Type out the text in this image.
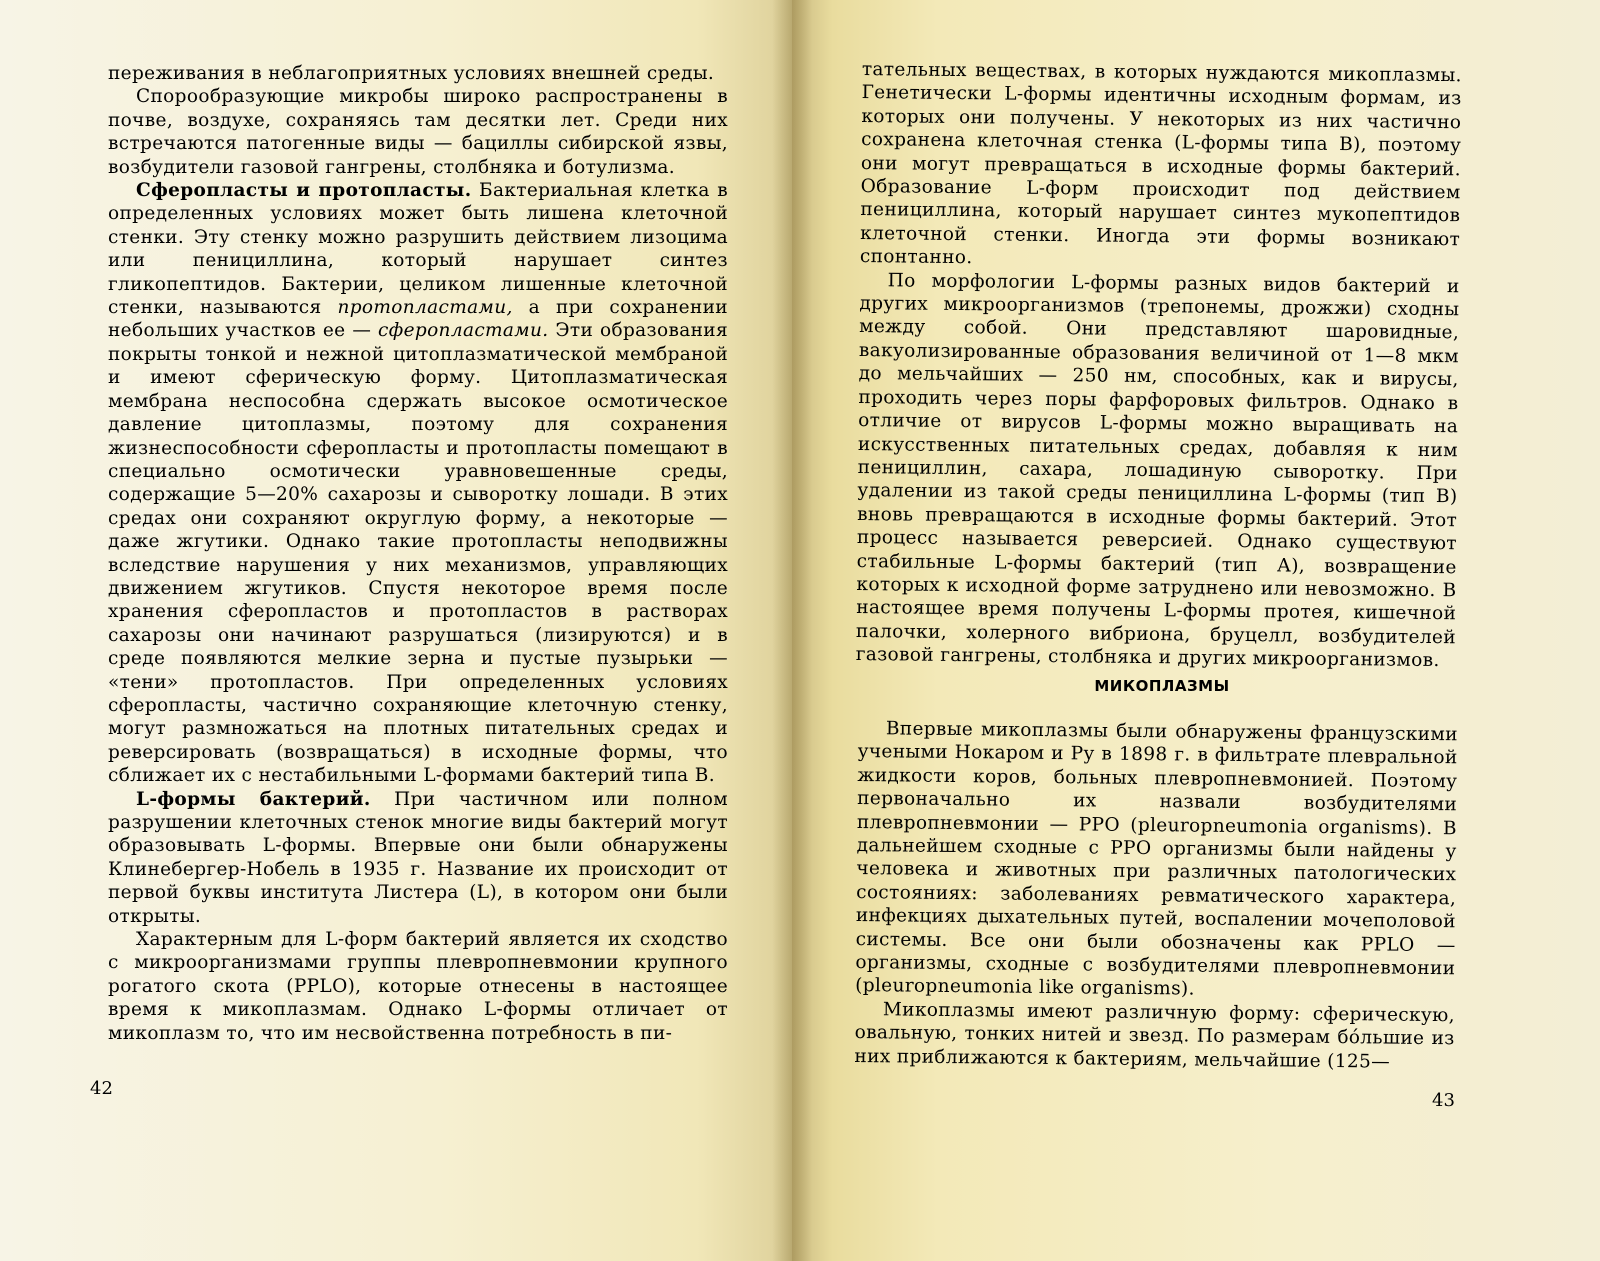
переживания в неблагоприятных условиях внешней среды.

Спорообразующие микробы широко распространены в почве, воздухе, сохраняясь там десятки лет. Среди них встречаются патогенные виды — бациллы сибирской язвы, возбудители газовой гангрены, столбняка и ботулизма.

Сферопласты и протопласты. Бактериальная клетка в определенных условиях может быть лишена клеточной стенки. Эту стенку можно разрушить действием лизоцима или пенициллина, который нарушает синтез гликопептидов. Бактерии, целиком лишенные клеточной стенки, называются протопластами, а при сохранении небольших участков ее — сферопластами. Эти образования покрыты тонкой и нежной цитоплазматической мембраной и имеют сферическую форму. Цитоплазматическая мембрана неспособна сдержать высокое осмотическое давление цитоплазмы, поэтому для сохранения жизнеспособности сферопласты и протопласты помещают в специально осмотически уравновешенные среды, содержащие 5—20% сахарозы и сыворотку лошади. В этих средах они сохраняют округлую форму, а некоторые — даже жгутики. Однако такие протопласты неподвижны вследствие нарушения у них механизмов, управляющих движением жгутиков. Спустя некоторое время после хранения сферопластов и протопластов в растворах сахарозы они начинают разрушаться (лизируются) и в среде появляются мелкие зерна и пустые пузырьки — «тени» протопластов. При определенных условиях сферопласты, частично сохраняющие клеточную стенку, могут размножаться на плотных питательных средах и реверсировать (возвращаться) в исходные формы, что сближает их с нестабильными L-формами бактерий типа В.

L-формы бактерий. При частичном или полном разрушении клеточных стенок многие виды бактерий могут образовывать L-формы. Впервые они были обнаружены Клинебергер-Нобель в 1935 г. Название их происходит от первой буквы института Листера (L), в котором они были открыты.

Характерным для L-форм бактерий является их сходство с микроорганизмами группы плевропневмонии крупного рогатого скота (PPLO), которые отнесены в настоящее время к микоплазмам. Однако L-формы отличает от микоплазм то, что им несвойственна потребность в пи-

тательных веществах, в которых нуждаются микоплазмы. Генетически L-формы идентичны исходным формам, из которых они получены. У некоторых из них частично сохранена клеточная стенка (L-формы типа В), поэтому они могут превращаться в исходные формы бактерий. Образование L-форм происходит под действием пенициллина, который нарушает синтез мукопептидов клеточной стенки. Иногда эти формы возникают спонтанно.

По морфологии L-формы разных видов бактерий и других микроорганизмов (трепонемы, дрожжи) сходны между собой. Они представляют шаровидные, вакуолизированные образования величиной от 1—8 мкм до мельчайших — 250 нм, способных, как и вирусы, проходить через поры фарфоровых фильтров. Однако в отличие от вирусов L-формы можно выращивать на искусственных питательных средах, добавляя к ним пенициллин, сахара, лошадиную сыворотку. При удалении из такой среды пенициллина L-формы (тип В) вновь превращаются в исходные формы бактерий. Этот процесс называется реверсией. Однако существуют стабильные L-формы бактерий (тип А), возвращение которых к исходной форме затруднено или невозможно. В настоящее время получены L-формы протея, кишечной палочки, холерного вибриона, бруцелл, возбудителей газовой гангрены, столбняка и других микроорганизмов.

МИКОПЛАЗМЫ

Впервые микоплазмы были обнаружены французскими учеными Нокаром и Ру в 1898 г. в фильтрате плевральной жидкости коров, больных плевропневмонией. Поэтому первоначально их назвали возбудителями плевропневмонии — PPO (pleuropneumonia organisms). В дальнейшем сходные с PPO организмы были найдены у человека и животных при различных патологических состояниях: заболеваниях ревматического характера, инфекциях дыхательных путей, воспалении мочеполовой системы. Все они были обозначены как PPLO — организмы, сходные с возбудителями плевропневмонии (pleuropneumonia like organisms).

Микоплазмы имеют различную форму: сферическую, овальную, тонких нитей и звезд. По размерам бо́льшие из них приближаются к бактериям, мельчайшие (125—

42
43
